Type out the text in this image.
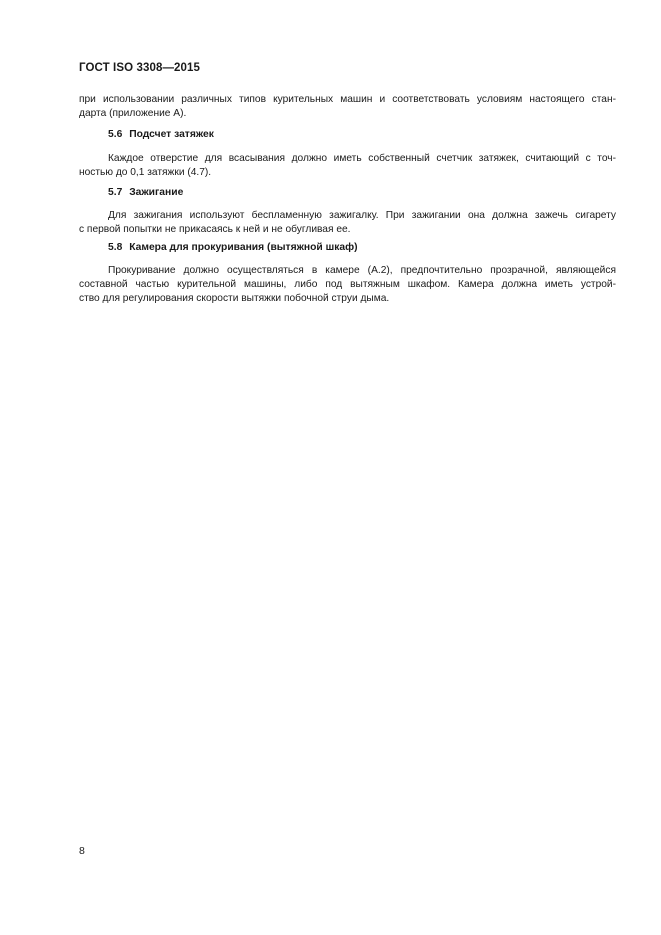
ГОСТ ISO 3308—2015
при использовании различных типов курительных машин и соответствовать условиям настоящего стан-
дарта (приложение А).
5.6 Подсчет затяжек
Каждое отверстие для всасывания должно иметь собственный счетчик затяжек, считающий с точ-
ностью до 0,1 затяжки (4.7).
5.7 Зажигание
Для зажигания используют беспламенную зажигалку. При зажигании она должна зажечь сигарету
с первой попытки не прикасаясь к ней и не обугливая ее.
5.8 Камера для прокуривания (вытяжной шкаф)
Прокуривание должно осуществляться в камере (А.2), предпочтительно прозрачной, являющейся
составной частью курительной машины, либо под вытяжным шкафом. Камера должна иметь устрой-
ство для регулирования скорости вытяжки побочной струи дыма.
8
